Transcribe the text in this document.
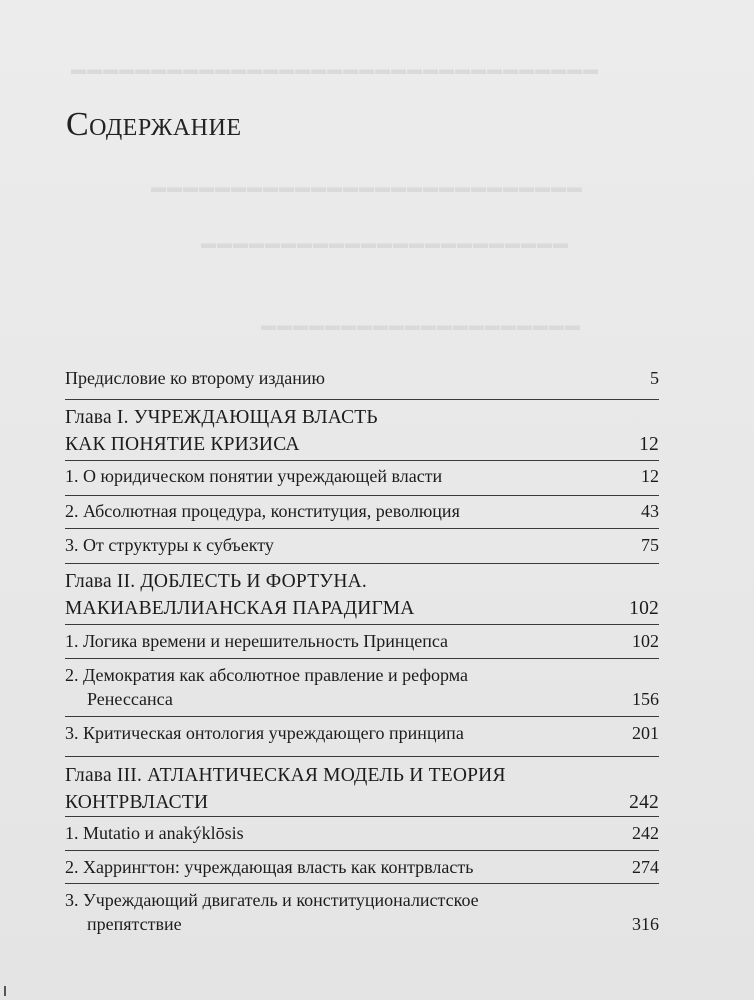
▬▬▬▬▬▬▬▬▬▬▬▬▬▬▬▬▬▬▬▬▬▬▬▬▬▬▬▬▬▬▬▬▬
▬▬▬▬▬▬▬▬▬▬▬▬▬▬▬▬▬▬▬▬▬▬▬▬▬▬▬
▬▬▬▬▬▬▬▬▬▬▬▬▬▬▬▬▬▬▬▬▬▬▬
▬▬▬▬▬▬▬▬▬▬▬▬▬▬▬▬▬▬▬▬
Содержание
Предисловие ко второму изданию	5
Глава I. УЧРЕЖДАЮЩАЯ ВЛАСТЬ
КАК ПОНЯТИЕ КРИЗИСА	12
1. О юридическом понятии учреждающей власти	12
2. Абсолютная процедура, конституция, революция	43
3. От структуры к субъекту	75
Глава II. ДОБЛЕСТЬ И ФОРТУНА.
МАКИАВЕЛЛИАНСКАЯ ПАРАДИГМА	102
1. Логика времени и нерешительность Принцепса	102
2. Демократия как абсолютное правление и реформа
Ренессанса	156
3. Критическая онтология учреждающего принципа	201
Глава III. АТЛАНТИЧЕСКАЯ МОДЕЛЬ И ТЕОРИЯ
КОНТРВЛАСТИ	242
1. Mutatio и anakýklōsis	242
2. Харрингтон: учреждающая власть как контрвласть	274
3. Учреждающий двигатель и конституционалистское
препятствие	316
